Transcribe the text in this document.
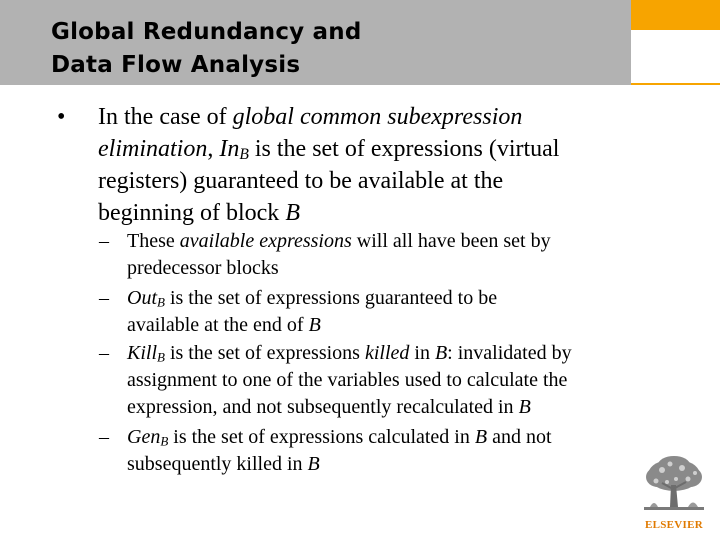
Global Redundancy and
Data Flow Analysis
• In the case of global common subexpression
elimination, $In_B$ is the set of expressions (virtual
registers) guaranteed to be available at the
beginning of block B
– These available expressions will all have been set by
predecessor blocks
– Out$_B$ is the set of expressions guaranteed to be
available at the end of B
– Kill$_B$ is the set of expressions killed in B: invalidated by
assignment to one of the variables used to calculate the
expression, and not subsequently recalculated in B
– Gen$_B$ is the set of expressions calculated in B and not
subsequently killed in B
ELSEVIER
